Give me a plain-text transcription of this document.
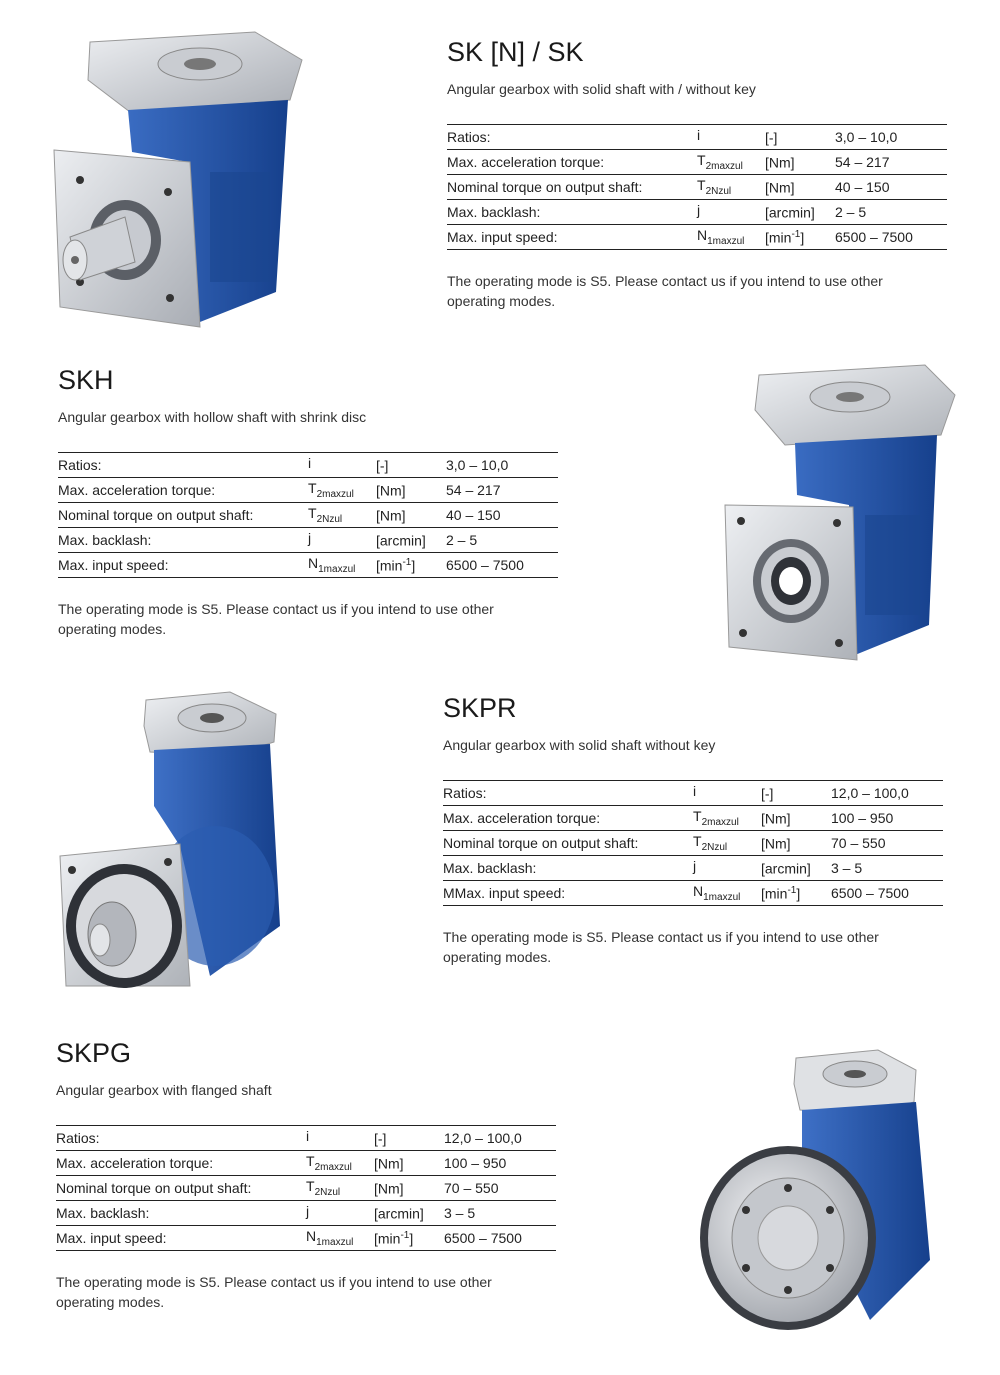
SK [N] / SK

Angular gearbox with solid shaft with / without key

Ratios:	i	[-]	3,0 – 10,0
Max. acceleration torque:	$T_{2maxzul}$	[Nm]	54 – 217
Nominal torque on output shaft:	$T_{2Nzul}$	[Nm]	40 – 150
Max. backlash:	j	[arcmin]	2 – 5
Max. input speed:	$N_{1maxzul}$	$[\min^{-1}]$	6500 – 7500

The operating mode is S5. Please contact us if you intend to use other operating modes.

SKH

Angular gearbox with hollow shaft with shrink disc

Ratios:	i	[-]	3,0 – 10,0
Max. acceleration torque:	$T_{2maxzul}$	[Nm]	54 – 217
Nominal torque on output shaft:	$T_{2Nzul}$	[Nm]	40 – 150
Max. backlash:	j	[arcmin]	2 – 5
Max. input speed:	$N_{1maxzul}$	$[\min^{-1}]$	6500 – 7500

The operating mode is S5. Please contact us if you intend to use other operating modes.

SKPR

Angular gearbox with solid shaft without key

Ratios:	i	[-]	12,0 – 100,0
Max. acceleration torque:	$T_{2maxzul}$	[Nm]	100 – 950
Nominal torque on output shaft:	$T_{2Nzul}$	[Nm]	70 – 550
Max. backlash:	j	[arcmin]	3 – 5
MMax. input speed:	$N_{1maxzul}$	$[\min^{-1}]$	6500 – 7500

The operating mode is S5. Please contact us if you intend to use other operating modes.

SKPG

Angular gearbox with flanged shaft

Ratios:	i	[-]	12,0 – 100,0
Max. acceleration torque:	$T_{2maxzul}$	[Nm]	100 – 950
Nominal torque on output shaft:	$T_{2Nzul}$	[Nm]	70 – 550
Max. backlash:	j	[arcmin]	3 – 5
Max. input speed:	$N_{1maxzul}$	$[\min^{-1}]$	6500 – 7500

The operating mode is S5. Please contact us if you intend to use other operating modes.
